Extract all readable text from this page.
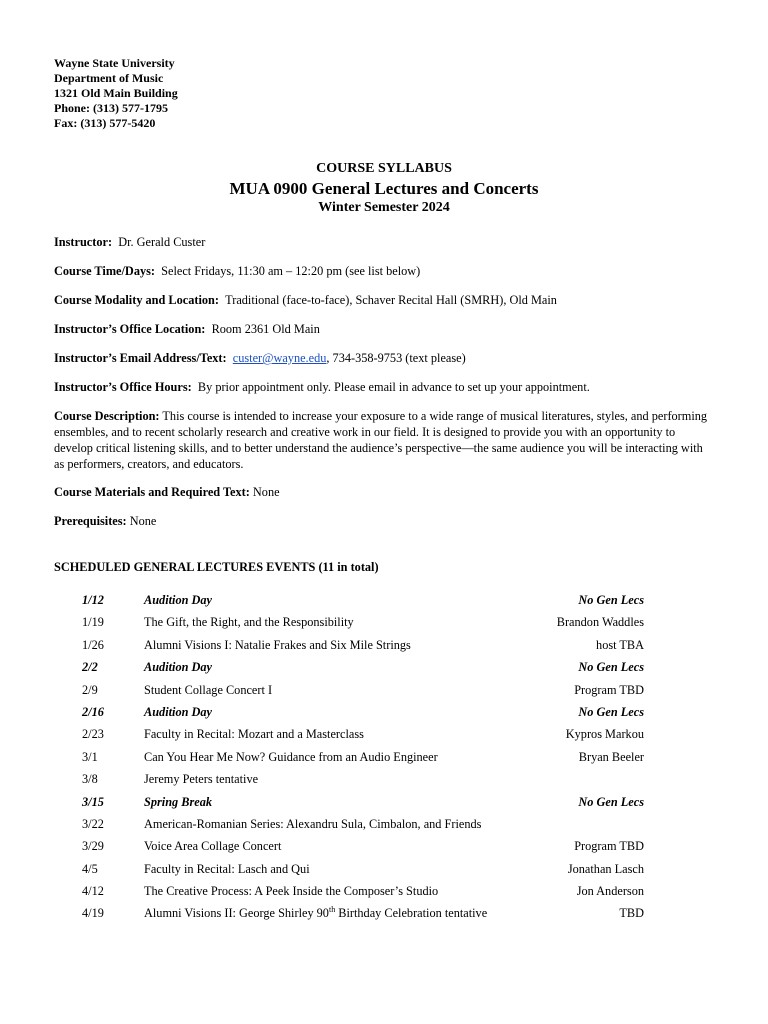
Wayne State University
Department of Music
1321 Old Main Building
Phone: (313) 577-1795
Fax: (313) 577-5420
COURSE SYLLABUS
MUA 0900 General Lectures and Concerts
Winter Semester 2024
Instructor: Dr. Gerald Custer
Course Time/Days: Select Fridays, 11:30 am – 12:20 pm (see list below)
Course Modality and Location: Traditional (face-to-face), Schaver Recital Hall (SMRH), Old Main
Instructor’s Office Location: Room 2361 Old Main
Instructor’s Email Address/Text: custer@wayne.edu, 734-358-9753 (text please)
Instructor’s Office Hours: By prior appointment only. Please email in advance to set up your appointment.
Course Description: This course is intended to increase your exposure to a wide range of musical literatures, styles, and performing ensembles, and to recent scholarly research and creative work in our field. It is designed to provide you with an opportunity to develop critical listening skills, and to better understand the audience’s perspective—the same audience you will be interacting with as performers, creators, and educators.
Course Materials and Required Text: None
Prerequisites: None
SCHEDULED GENERAL LECTURES EVENTS (11 in total)
1/12	Audition Day	No Gen Lecs
1/19	The Gift, the Right, and the Responsibility	Brandon Waddles
1/26	Alumni Visions I: Natalie Frakes and Six Mile Strings	host TBA
2/2	Audition Day	No Gen Lecs
2/9	Student Collage Concert I	Program TBD
2/16	Audition Day	No Gen Lecs
2/23	Faculty in Recital: Mozart and a Masterclass	Kypros Markou
3/1	Can You Hear Me Now? Guidance from an Audio Engineer	Bryan Beeler
3/8	Jeremy Peters tentative
3/15	Spring Break	No Gen Lecs
3/22	American-Romanian Series: Alexandru Sula, Cimbalon, and Friends
3/29	Voice Area Collage Concert	Program TBD
4/5	Faculty in Recital: Lasch and Qui	Jonathan Lasch
4/12	The Creative Process: A Peek Inside the Composer’s Studio	Jon Anderson
4/19	Alumni Visions II: George Shirley 90th Birthday Celebration tentative	TBD
